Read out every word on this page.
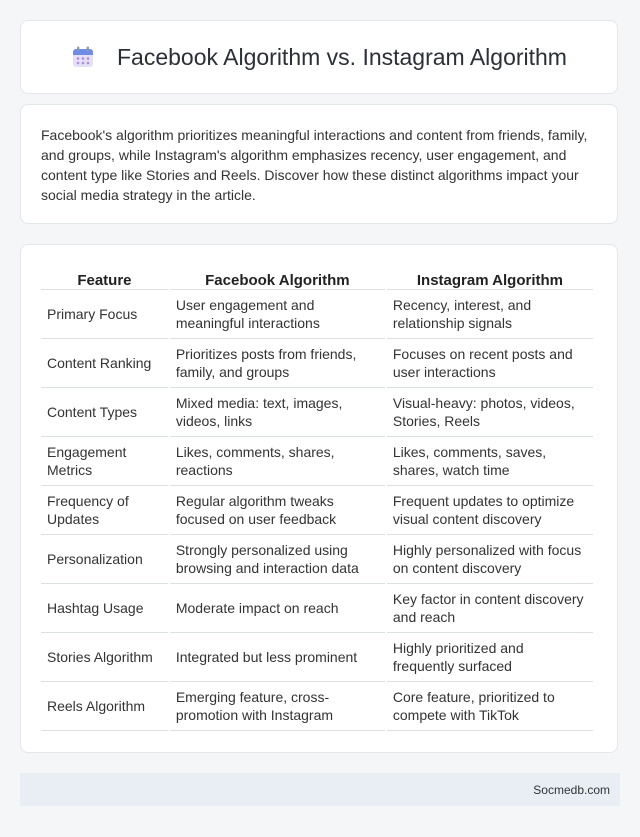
Facebook Algorithm vs. Instagram Algorithm

Facebook's algorithm prioritizes meaningful interactions and content from friends, family, and groups, while Instagram's algorithm emphasizes recency, user engagement, and content type like Stories and Reels. Discover how these distinct algorithms impact your social media strategy in the article.

Feature	Facebook Algorithm	Instagram Algorithm
Primary Focus	User engagement and meaningful interactions	Recency, interest, and relationship signals
Content Ranking	Prioritizes posts from friends, family, and groups	Focuses on recent posts and user interactions
Content Types	Mixed media: text, images, videos, links	Visual-heavy: photos, videos, Stories, Reels
Engagement Metrics	Likes, comments, shares, reactions	Likes, comments, saves, shares, watch time
Frequency of Updates	Regular algorithm tweaks focused on user feedback	Frequent updates to optimize visual content discovery
Personalization	Strongly personalized using browsing and interaction data	Highly personalized with focus on content discovery
Hashtag Usage	Moderate impact on reach	Key factor in content discovery and reach
Stories Algorithm	Integrated but less prominent	Highly prioritized and frequently surfaced
Reels Algorithm	Emerging feature, cross-promotion with Instagram	Core feature, prioritized to compete with TikTok
Socmedb.com
